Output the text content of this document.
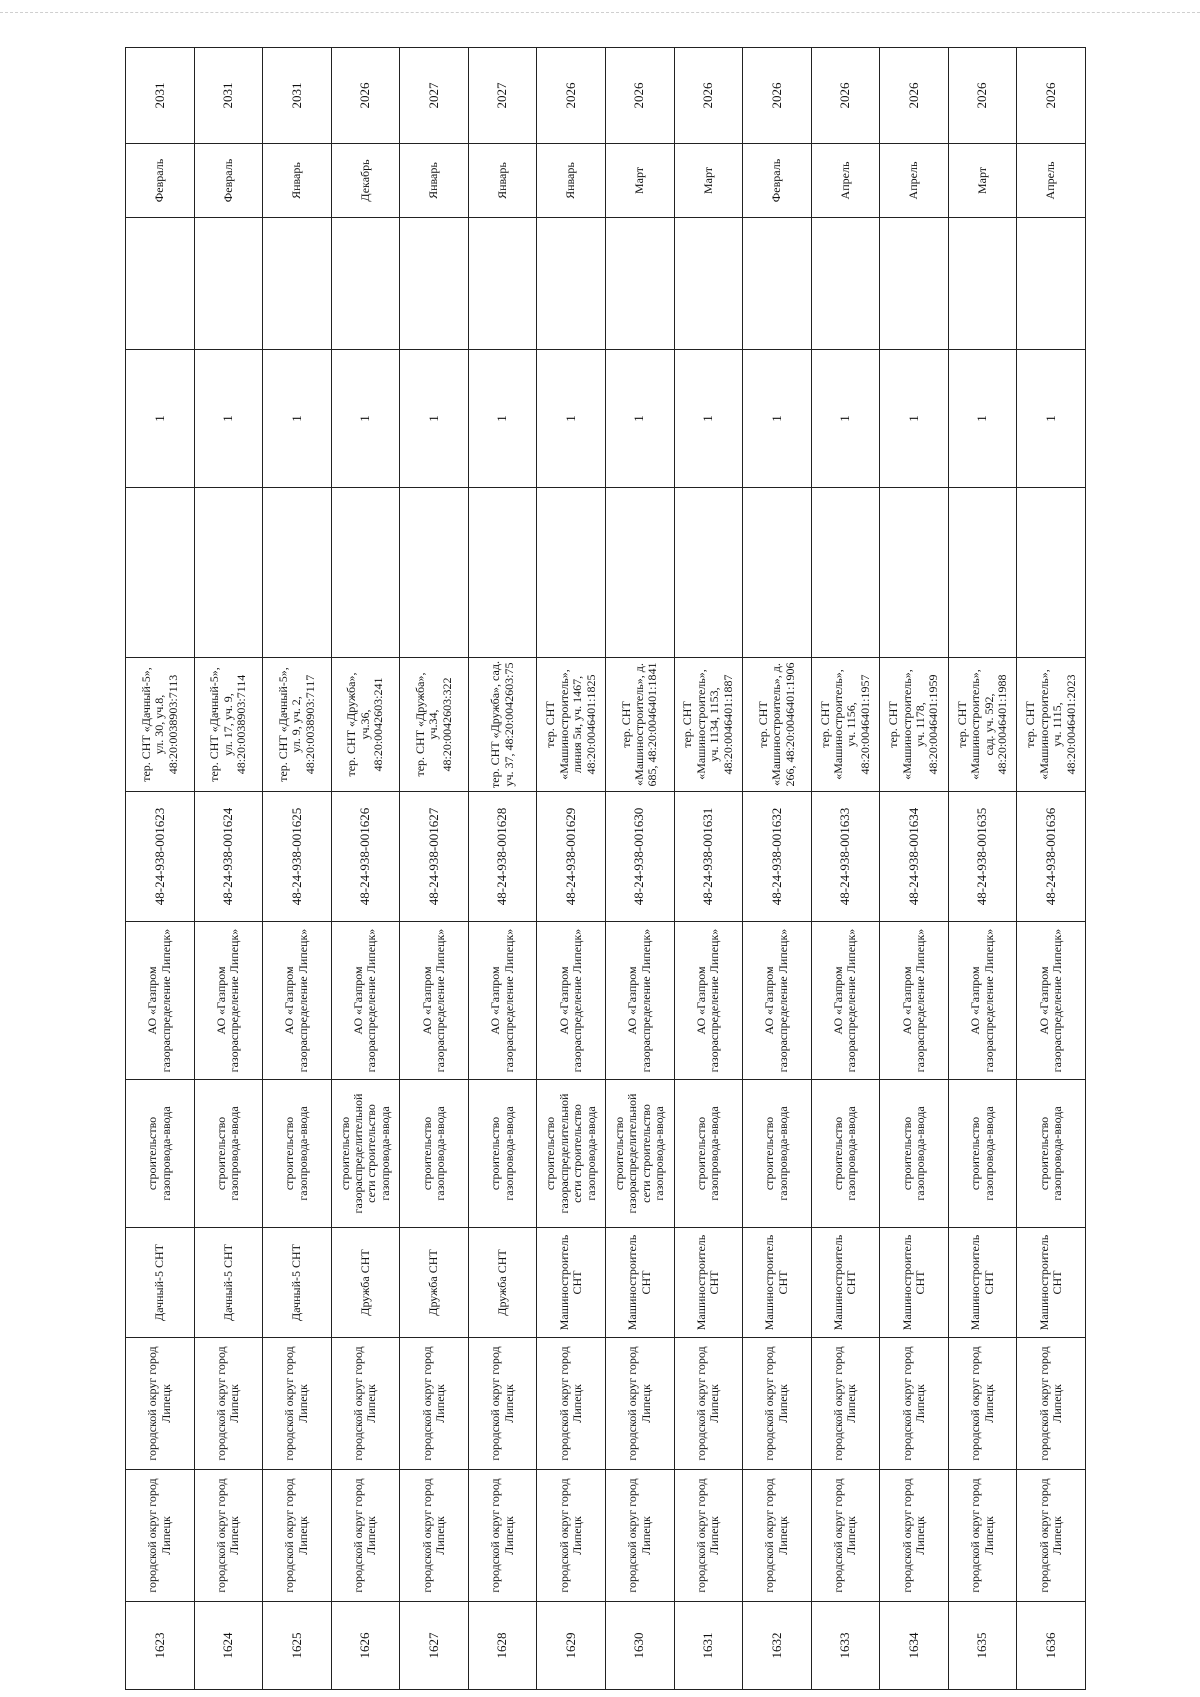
1623	городской округ город Липецк	городской округ город Липецк	Дачный-5 СНТ	строительство газопровода-ввода	АО «Газпром газораспределение Липецк»	48-24-938-001623	тер. СНТ «Дачный-5», ул. 30, уч.8, 48:20:0038903:7113		1		Февраль	2031
1624	городской округ город Липецк	городской округ город Липецк	Дачный-5 СНТ	строительство газопровода-ввода	АО «Газпром газораспределение Липецк»	48-24-938-001624	тер. СНТ «Дачный-5», ул. 17, уч. 9, 48:20:0038903:7114		1		Февраль	2031
1625	городской округ город Липецк	городской округ город Липецк	Дачный-5 СНТ	строительство газопровода-ввода	АО «Газпром газораспределение Липецк»	48-24-938-001625	тер. СНТ «Дачный-5», ул. 9, уч. 2, 48:20:0038903:7117		1		Январь	2031
1626	городской округ город Липецк	городской округ город Липецк	Дружба СНТ	строительство газораспределительной сети строительство газопровода-ввода	АО «Газпром газораспределение Липецк»	48-24-938-001626	тер. СНТ «Дружба», уч.36, 48:20:0042603:241		1		Декабрь	2026
1627	городской округ город Липецк	городской округ город Липецк	Дружба СНТ	строительство газопровода-ввода	АО «Газпром газораспределение Липецк»	48-24-938-001627	тер. СНТ «Дружба», уч.34, 48:20:0042603:322		1		Январь	2027
1628	городской округ город Липецк	городской округ город Липецк	Дружба СНТ	строительство газопровода-ввода	АО «Газпром газораспределение Липецк»	48-24-938-001628	тер. СНТ «Дружба», сад. уч. 37, 48:20:0042603:75		1		Январь	2027
1629	городской округ город Липецк	городской округ город Липецк	Машиностроитель СНТ	строительство газораспределительной сети строительство газопровода-ввода	АО «Газпром газораспределение Липецк»	48-24-938-001629	тер. СНТ «Машиностроитель», линия 5и, уч. 1467, 48:20:0046401:1825		1		Январь	2026
1630	городской округ город Липецк	городской округ город Липецк	Машиностроитель СНТ	строительство газораспределительной сети строительство газопровода-ввода	АО «Газпром газораспределение Липецк»	48-24-938-001630	тер. СНТ «Машиностроитель», д. 685, 48:20:0046401:1841		1		Март	2026
1631	городской округ город Липецк	городской округ город Липецк	Машиностроитель СНТ	строительство газопровода-ввода	АО «Газпром газораспределение Липецк»	48-24-938-001631	тер. СНТ «Машиностроитель», уч. 1134, 1153, 48:20:0046401:1887		1		Март	2026
1632	городской округ город Липецк	городской округ город Липецк	Машиностроитель СНТ	строительство газопровода-ввода	АО «Газпром газораспределение Липецк»	48-24-938-001632	тер. СНТ «Машиностроитель», д. 266, 48:20:0046401:1906		1		Февраль	2026
1633	городской округ город Липецк	городской округ город Липецк	Машиностроитель СНТ	строительство газопровода-ввода	АО «Газпром газораспределение Липецк»	48-24-938-001633	тер. СНТ «Машиностроитель», уч. 1156, 48:20:0046401:1957		1		Апрель	2026
1634	городской округ город Липецк	городской округ город Липецк	Машиностроитель СНТ	строительство газопровода-ввода	АО «Газпром газораспределение Липецк»	48-24-938-001634	тер. СНТ «Машиностроитель», уч. 1178, 48:20:0046401:1959		1		Апрель	2026
1635	городской округ город Липецк	городской округ город Липецк	Машиностроитель СНТ	строительство газопровода-ввода	АО «Газпром газораспределение Липецк»	48-24-938-001635	тер. СНТ «Машиностроитель», сад. уч. 592, 48:20:0046401:1988		1		Март	2026
1636	городской округ город Липецк	городской округ город Липецк	Машиностроитель СНТ	строительство газопровода-ввода	АО «Газпром газораспределение Липецк»	48-24-938-001636	тер. СНТ «Машиностроитель», уч. 1115, 48:20:0046401:2023		1		Апрель	2026
